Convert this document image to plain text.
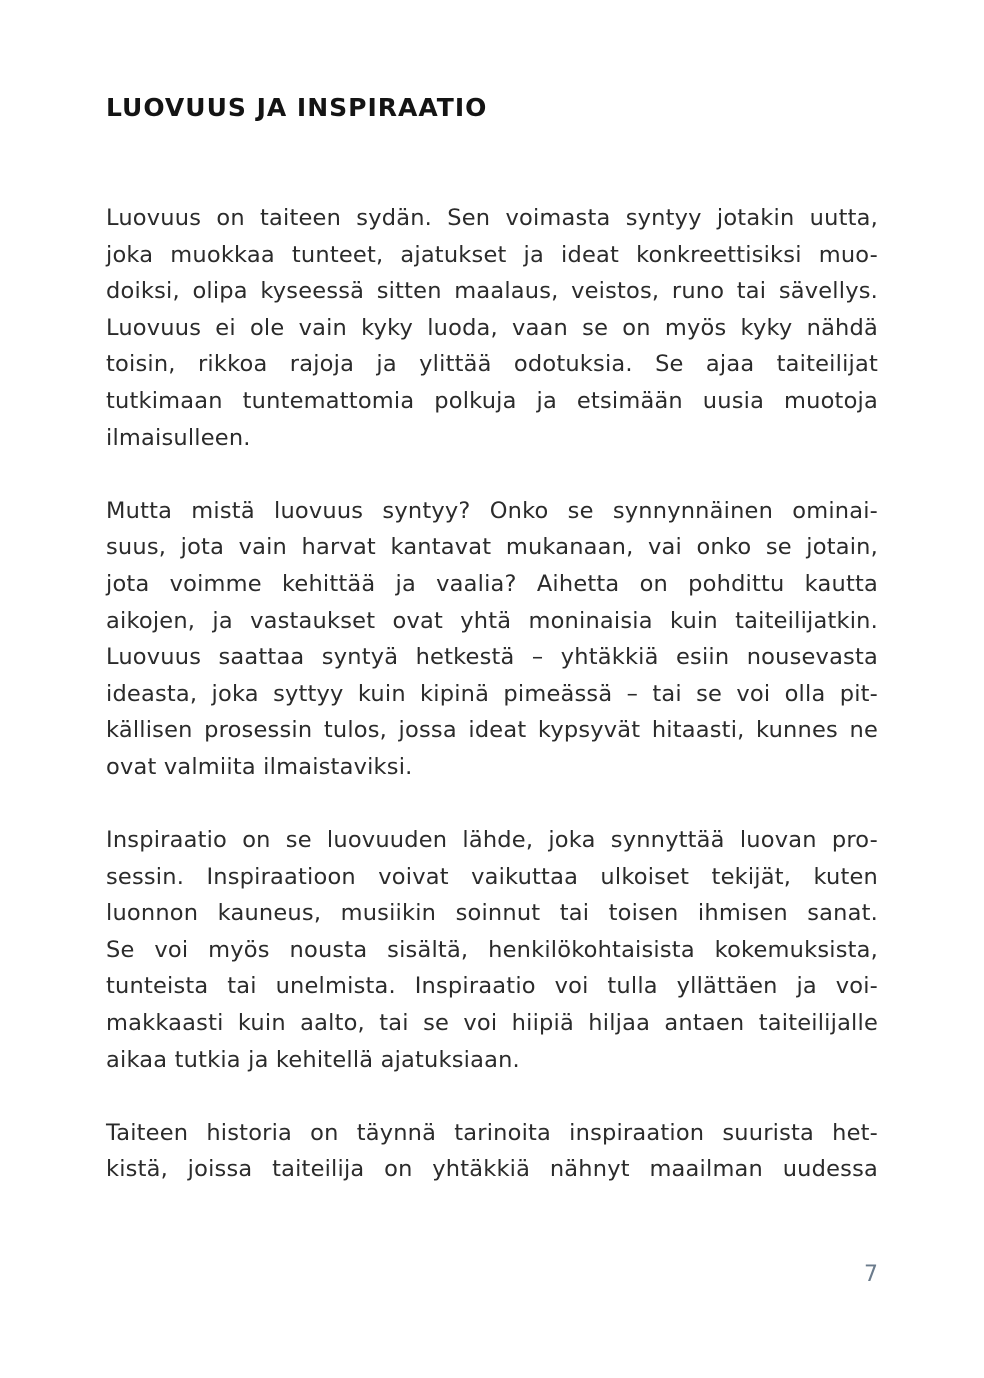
LUOVUUS JA INSPIRAATIO

Luovuus on taiteen sydän. Sen voimasta syntyy jotakin uutta,
joka muokkaa tunteet, ajatukset ja ideat konkreettisiksi muo-
doiksi, olipa kyseessä sitten maalaus, veistos, runo tai sävellys.
Luovuus ei ole vain kyky luoda, vaan se on myös kyky nähdä
toisin, rikkoa rajoja ja ylittää odotuksia. Se ajaa taiteilijat
tutkimaan tuntemattomia polkuja ja etsimään uusia muotoja
ilmaisulleen.

Mutta mistä luovuus syntyy? Onko se synnynnäinen ominai-
suus, jota vain harvat kantavat mukanaan, vai onko se jotain,
jota voimme kehittää ja vaalia? Aihetta on pohdittu kautta
aikojen, ja vastaukset ovat yhtä moninaisia kuin taiteilijatkin.
Luovuus saattaa syntyä hetkestä – yhtäkkiä esiin nousevasta
ideasta, joka syttyy kuin kipinä pimeässä – tai se voi olla pit-
källisen prosessin tulos, jossa ideat kypsyvät hitaasti, kunnes ne
ovat valmiita ilmaistaviksi.

Inspiraatio on se luovuuden lähde, joka synnyttää luovan pro-
sessin. Inspiraatioon voivat vaikuttaa ulkoiset tekijät, kuten
luonnon kauneus, musiikin soinnut tai toisen ihmisen sanat.
Se voi myös nousta sisältä, henkilökohtaisista kokemuksista,
tunteista tai unelmista. Inspiraatio voi tulla yllättäen ja voi-
makkaasti kuin aalto, tai se voi hiipiä hiljaa antaen taiteilijalle
aikaa tutkia ja kehitellä ajatuksiaan.

Taiteen historia on täynnä tarinoita inspiraation suurista het-
kistä, joissa taiteilija on yhtäkkiä nähnyt maailman uudessa

7
